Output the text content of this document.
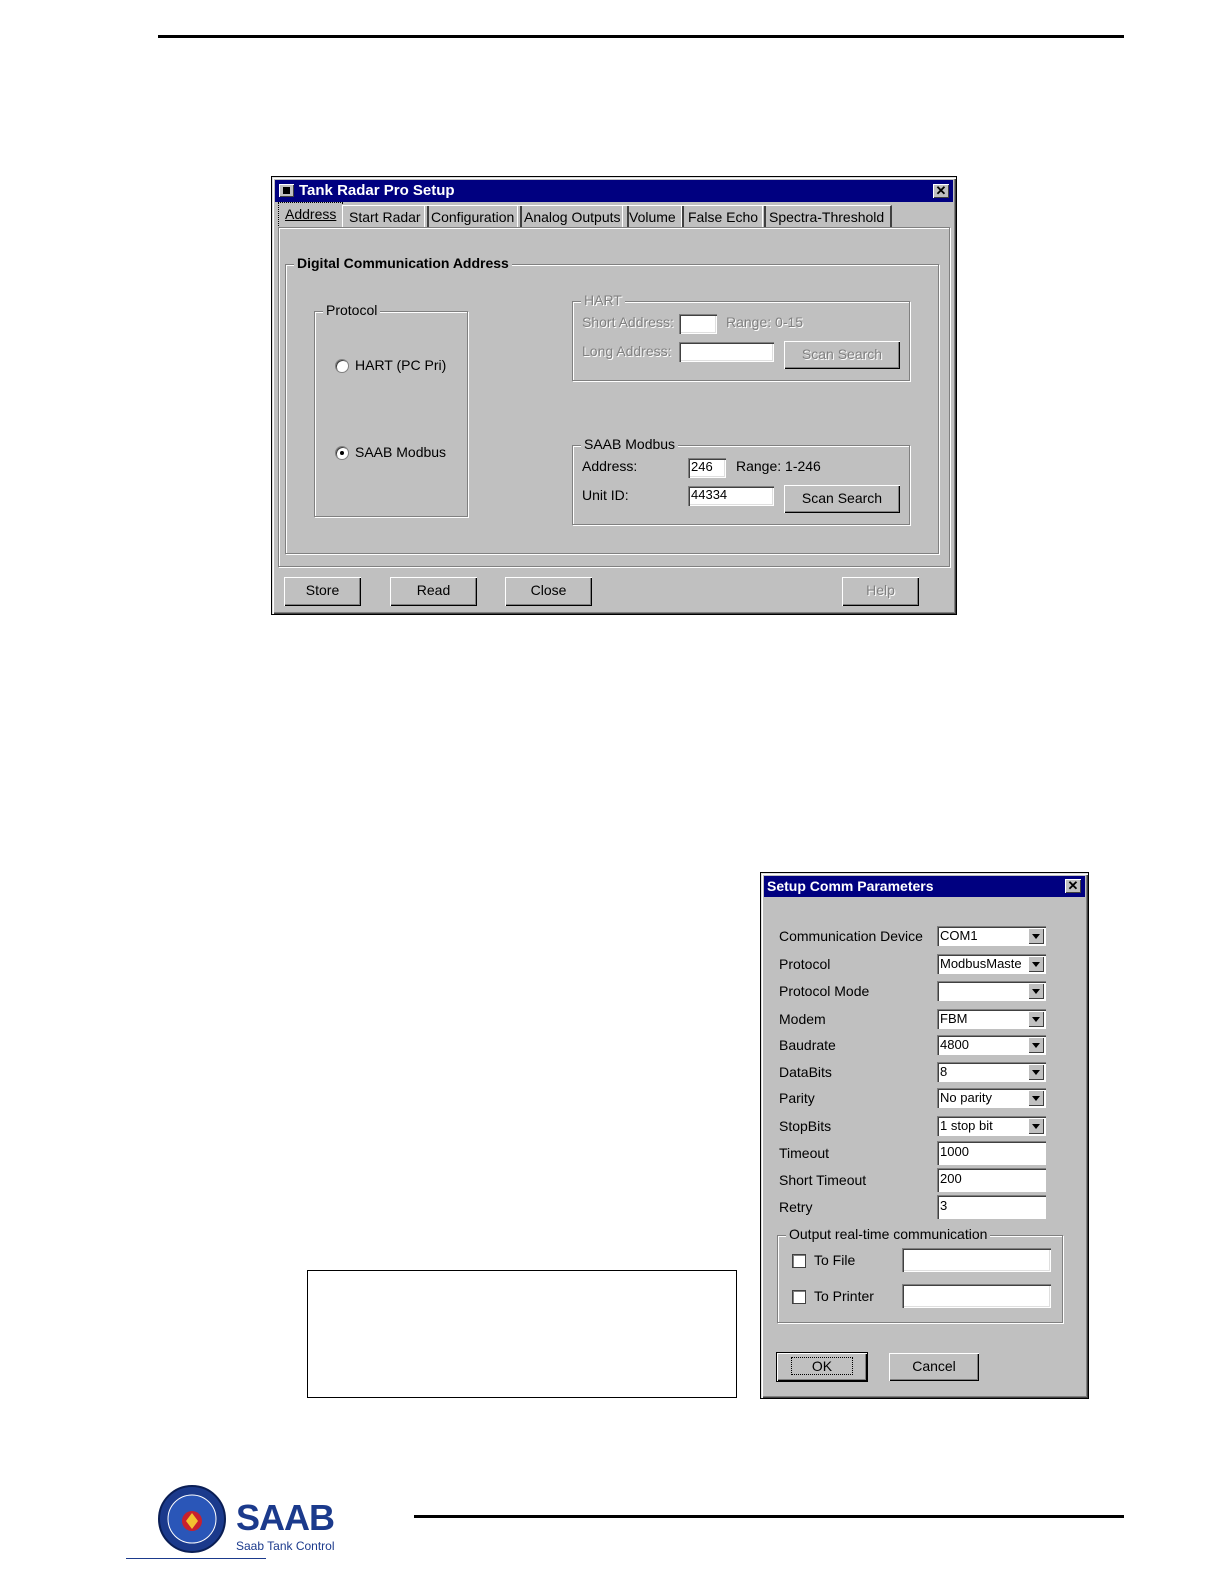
Tank Radar Pro Setup	✕
Address Start Radar Configuration Analog Outputs Volume False Echo Spectra-Threshold
Digital Communication Address
Protocol
HART (PC Pri)
SAAB Modbus
HART
Short Address:	Range: 0-15
Long Address:	Scan Search
SAAB Modbus
Address:	246	Range: 1-246
Unit ID:	44334	Scan Search
Store	Read	Close	Help
Setup Comm Parameters	✕
Communication Device COM1
Protocol	ModbusMaste
Protocol Mode
Modem	FBM
Baudrate	4800
DataBits	8
Parity	No parity
StopBits	1 stop bit
Timeout	1000
Short Timeout	200
Retry	3
Output real-time communication
To File
To Printer
OK	Cancel
SAAB
Saab Tank Control
